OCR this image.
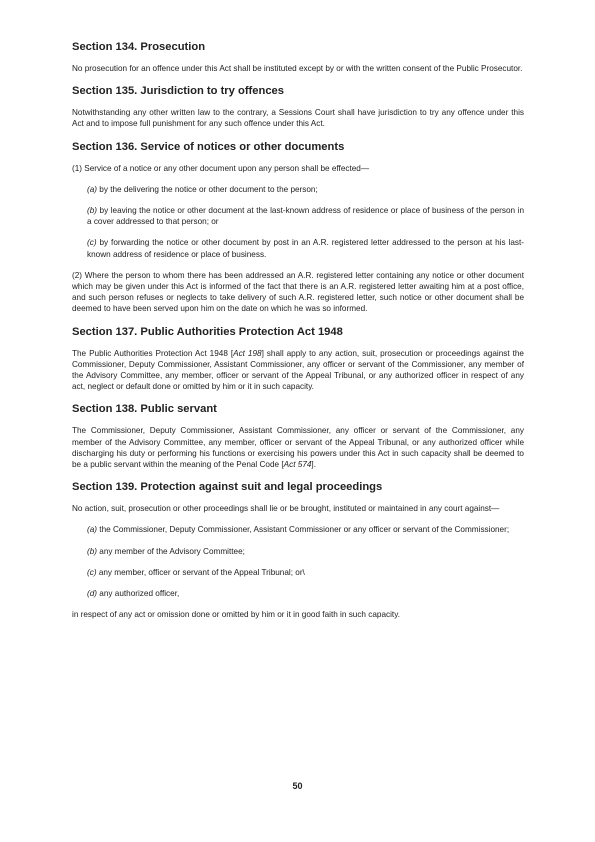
Section 134. Prosecution

No prosecution for an offence under this Act shall be instituted except by or with the written consent of the Public Prosecutor.

Section 135. Jurisdiction to try offences

Notwithstanding any other written law to the contrary, a Sessions Court shall have jurisdiction to try any offence under this Act and to impose full punishment for any such offence under this Act.

Section 136. Service of notices or other documents

(1) Service of a notice or any other document upon any person shall be effected—

(a) by the delivering the notice or other document to the person;

(b) by leaving the notice or other document at the last-known address of residence or place of business of the person in a cover addressed to that person; or

(c) by forwarding the notice or other document by post in an A.R. registered letter addressed to the person at his last-known address of residence or place of business.

(2) Where the person to whom there has been addressed an A.R. registered letter containing any notice or other document which may be given under this Act is informed of the fact that there is an A.R. registered letter awaiting him at a post office, and such person refuses or neglects to take delivery of such A.R. registered letter, such notice or other document shall be deemed to have been served upon him on the date on which he was so informed.

Section 137. Public Authorities Protection Act 1948

The Public Authorities Protection Act 1948 [Act 198] shall apply to any action, suit, prosecution or proceedings against the Commissioner, Deputy Commissioner, Assistant Commissioner, any officer or servant of the Commissioner, any member of the Advisory Committee, any member, officer or servant of the Appeal Tribunal, or any authorized officer in respect of any act, neglect or default done or omitted by him or it in such capacity.

Section 138. Public servant

The Commissioner, Deputy Commissioner, Assistant Commissioner, any officer or servant of the Commissioner, any member of the Advisory Committee, any member, officer or servant of the Appeal Tribunal, or any authorized officer while discharging his duty or performing his functions or exercising his powers under this Act in such capacity shall be deemed to be a public servant within the meaning of the Penal Code [Act 574].

Section 139. Protection against suit and legal proceedings

No action, suit, prosecution or other proceedings shall lie or be brought, instituted or maintained in any court against—

(a) the Commissioner, Deputy Commissioner, Assistant Commissioner or any officer or servant of the Commissioner;

(b) any member of the Advisory Committee;

(c) any member, officer or servant of the Appeal Tribunal; or\

(d) any authorized officer,

in respect of any act or omission done or omitted by him or it in good faith in such capacity.

50
